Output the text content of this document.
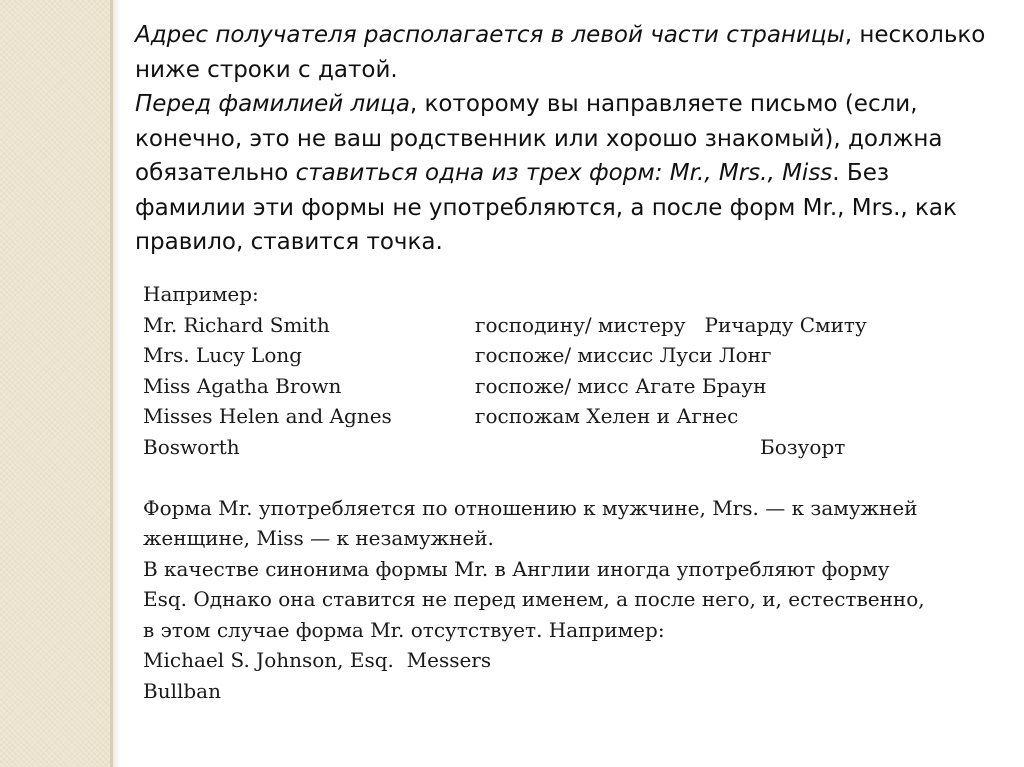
Адрес получателя располагается в левой части страницы, несколько ниже строки с датой.

Перед фамилией лица, которому вы направляете письмо (если, конечно, это не ваш родственник или хорошо знакомый), должна обязательно ставиться одна из трех форм: Mr., Mrs., Miss. Без фамилии эти формы не употребляются, а после форм Mr., Mrs., как правило, ставится точка.

Например:
Mr. Richard Smith	господину/ мистеру   Ричарду Смиту
Mrs. Lucy Long	госпоже/ миссис Луси Лонг
Miss Agatha Brown	госпоже/ мисс Агате Браун
Misses Helen and Agnes	госпожам Хелен и Агнес
Bosworth	Бозуорт
Форма Mr. употребляется по отношению к мужчине, Mrs. — к замужней
женщине, Miss — к незамужней.
В качестве синонима формы Mr. в Англии иногда употребляют форму
Esq. Однако она ставится не перед именем, а после него, и, естественно,
в этом случае форма Mr. отсутствует. Например:
Michael S. Johnson, Esq.  Messers
Bullban
